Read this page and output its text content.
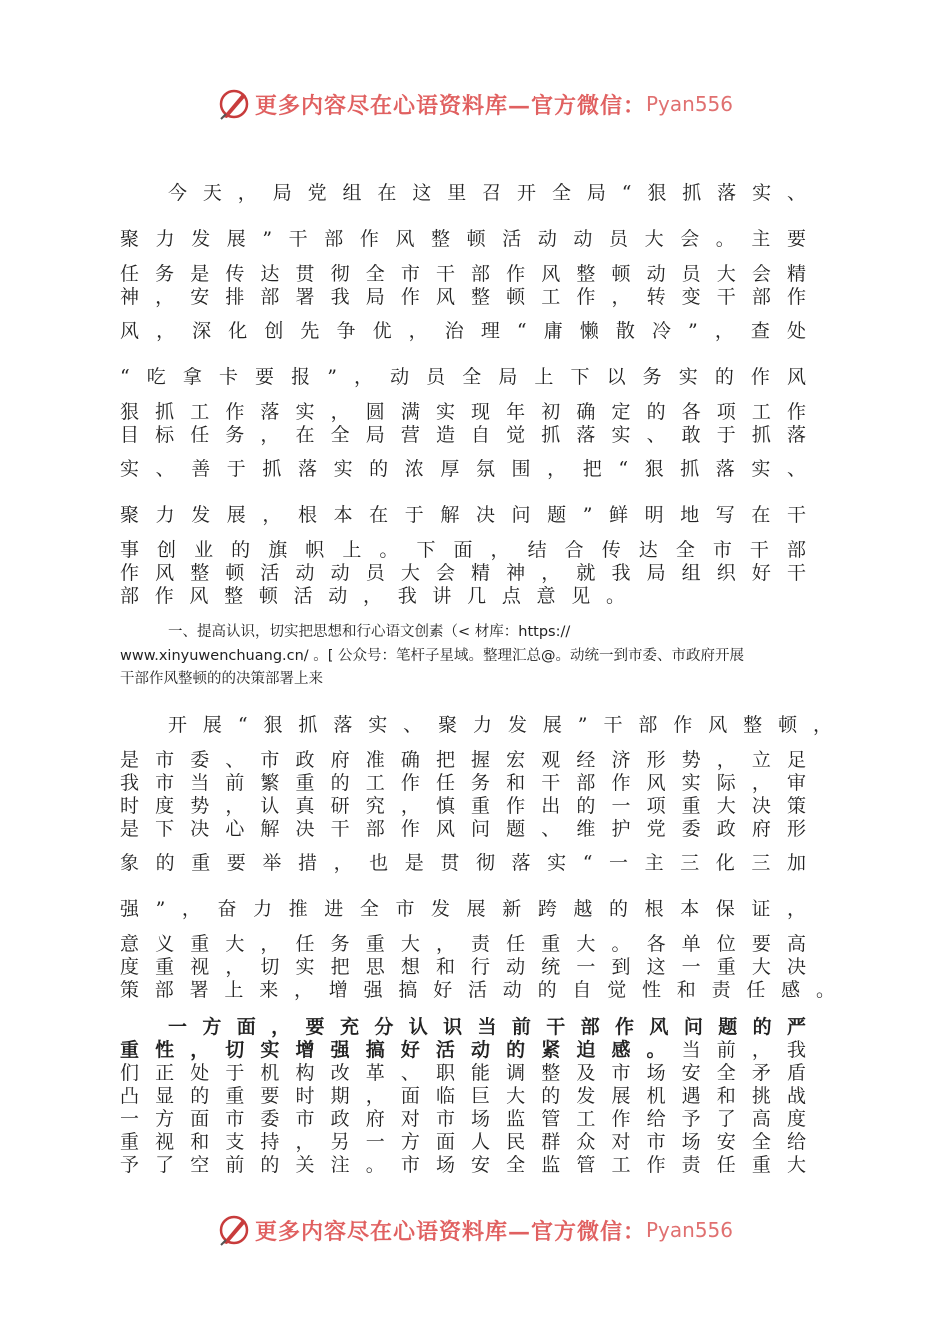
更多内容尽在心语资料库—官方微信： Pyan556
今天，局党组在这里召开全局“狠抓落实、
聚力发展”干部作风整顿活动动员大会。主要
任务是传达贯彻全市干部作风整顿动员大会精
神，安排部署我局作风整顿工作，转变干部作
风，深化创先争优，治理“庸懒散冷”，查处
“吃拿卡要报”，动员全局上下以务实的作风
狠抓工作落实，圆满实现年初确定的各项工作
目标任务，在全局营造自觉抓落实、敢于抓落
实、善于抓落实的浓厚氛围，把“狠抓落实、
聚力发展，根本在于解决问题”鲜明地写在干
事创业的旗帜上。下面，结合传达全市干部
作风整顿活动动员大会精神，就我局组织好干
部作风整顿活动，我讲几点意见。
一、提高认识，切实把思想和行心语文创素（< 材库：https://
www.xinyuwenchuang.cn/ 。[ 公众号：笔杆子星域。整理汇总@。动统一到市委、市政府开展
干部作风整顿的的决策部署上来
开展“狠抓落实、聚力发展”干部作风整顿，
是市委、市政府准确把握宏观经济形势，立足
我市当前繁重的工作任务和干部作风实际，审
时度势，认真研究，慎重作出的一项重大决策
是下决心解决干部作风问题、维护党委政府形
象的重要举措，也是贯彻落实“一主三化三加
强”，奋力推进全市发展新跨越的根本保证，
意义重大，任务重大，责任重大。各单位要高
度重视，切实把思想和行动统一到这一重大决
策部署上来，增强搞好活动的自觉性和责任感。
一方面，要充分认识当前干部作风问题的严
重性，切实增强搞好活动的紧迫感。当前，我
们正处于机构改革、职能调整及市场安全矛盾
凸显的重要时期，面临巨大的发展机遇和挑战
一方面市委市政府对市场监管工作给予了高度
重视和支持，另一方面人民群众对市场安全给
予了空前的关注。市场安全监管工作责任重大
更多内容尽在心语资料库—官方微信： Pyan556
